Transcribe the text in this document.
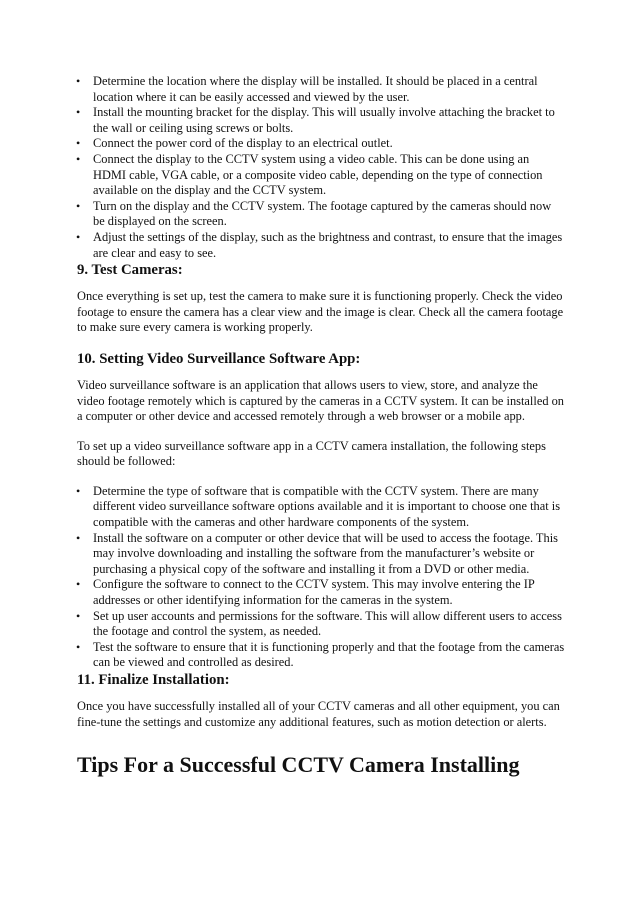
• Determine the location where the display will be installed. It should be placed in a central location where it can be easily accessed and viewed by the user.
• Install the mounting bracket for the display. This will usually involve attaching the bracket to the wall or ceiling using screws or bolts.
• Connect the power cord of the display to an electrical outlet.
• Connect the display to the CCTV system using a video cable. This can be done using an HDMI cable, VGA cable, or a composite video cable, depending on the type of connection available on the display and the CCTV system.
• Turn on the display and the CCTV system. The footage captured by the cameras should now be displayed on the screen.
• Adjust the settings of the display, such as the brightness and contrast, to ensure that the images are clear and easy to see.
9. Test Cameras:

Once everything is set up, test the camera to make sure it is functioning properly. Check the video footage to ensure the camera has a clear view and the image is clear. Check all the camera footage to make sure every camera is working properly.

10. Setting Video Surveillance Software App:

Video surveillance software is an application that allows users to view, store, and analyze the video footage remotely which is captured by the cameras in a CCTV system. It can be installed on a computer or other device and accessed remotely through a web browser or a mobile app.

To set up a video surveillance software app in a CCTV camera installation, the following steps should be followed:

• Determine the type of software that is compatible with the CCTV system. There are many different video surveillance software options available and it is important to choose one that is compatible with the cameras and other hardware components of the system.
• Install the software on a computer or other device that will be used to access the footage. This may involve downloading and installing the software from the manufacturer’s website or purchasing a physical copy of the software and installing it from a DVD or other media.
• Configure the software to connect to the CCTV system. This may involve entering the IP addresses or other identifying information for the cameras in the system.
• Set up user accounts and permissions for the software. This will allow different users to access the footage and control the system, as needed.
• Test the software to ensure that it is functioning properly and that the footage from the cameras can be viewed and controlled as desired.
11. Finalize Installation:

Once you have successfully installed all of your CCTV cameras and all other equipment, you can fine-tune the settings and customize any additional features, such as motion detection or alerts.

Tips For a Successful CCTV Camera Installing
